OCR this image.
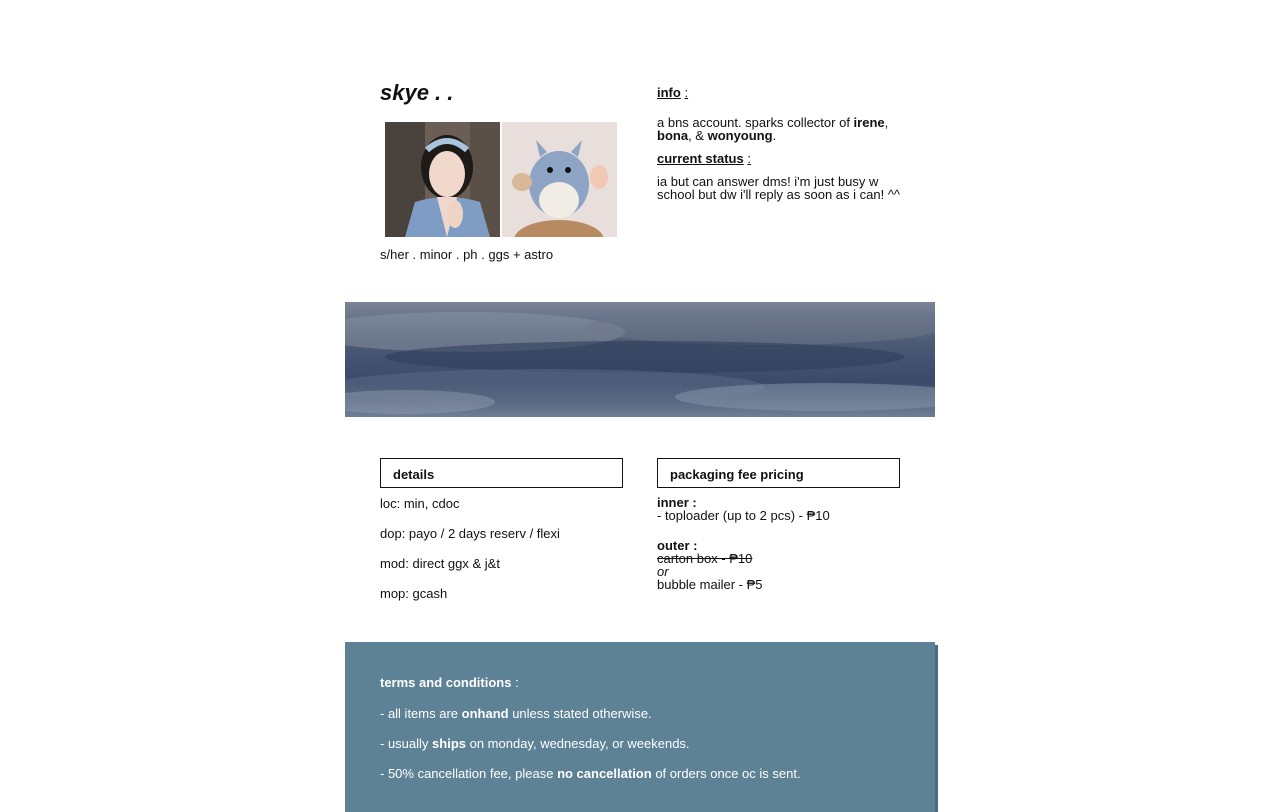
skye . .
s/her . minor . ph . ggs + astro

info :

a bns account. sparks collector of irene, bona, & wonyoung.

current status :

ia but can answer dms! i'm just busy w school but dw i'll reply as soon as i can! ^^

details	packaging fee pricing
loc: min, cdoc
dop: payo / 2 days reserv / flexi
mod: direct ggx & j&t
mop: gcash
inner :
- toploader (up to 2 pcs) - ₱10
outer :
carton box - ₱10
or
bubble mailer - ₱5
terms and conditions :
- all items are onhand unless stated otherwise.
- usually ships on monday, wednesday, or weekends.
- 50% cancellation fee, please no cancellation of orders once oc is sent.
